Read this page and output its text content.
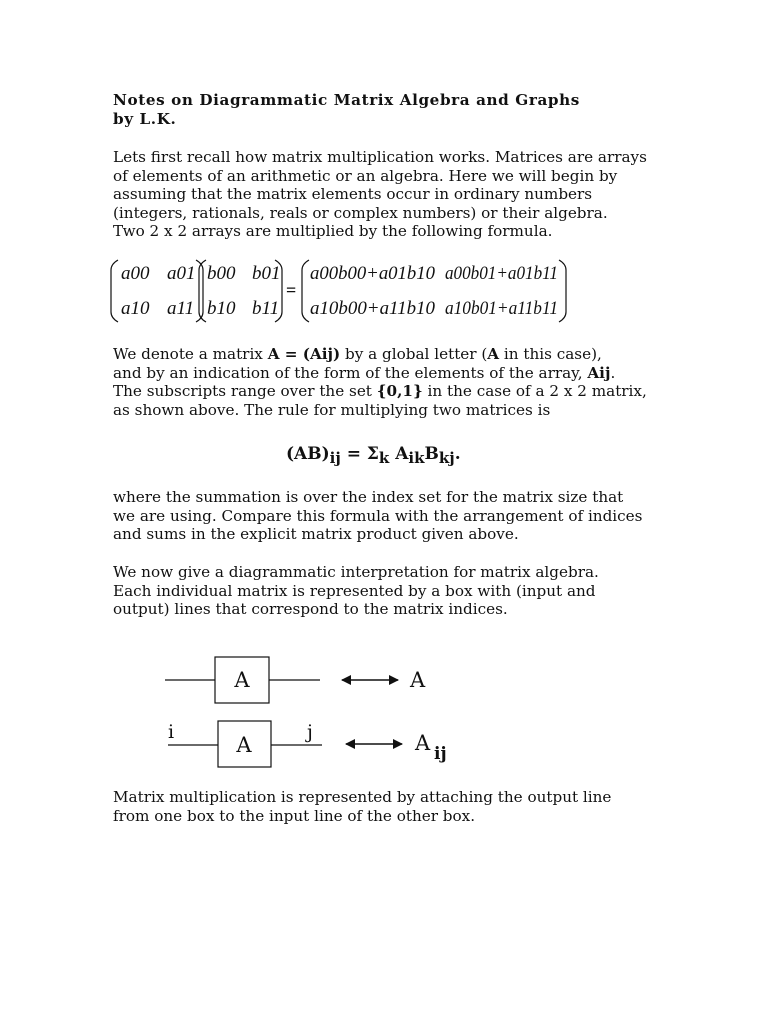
Notes on Diagrammatic Matrix Algebra and Graphs
by L.K.
Lets first recall how matrix multiplication works. Matrices are arrays
of elements of an arithmetic or an algebra. Here we will begin by
assuming that the matrix elements occur in ordinary numbers
(integers, rationals, reals or complex numbers) or their algebra.
Two 2 x 2 arrays are multiplied by the following formula.
a00 a01
a10 a11
b00 b01
b10 b11
=
a00b00+a01b10 a00b01+a01b11
a10b00+a11b10 a10b01+a11b11
We denote a matrix A = (Aij) by a global letter (A in this case),
and by an indication of the form of the elements of the array, Aij.
The subscripts range over the set {0,1} in the case of a 2 x 2 matrix,
as shown above. The rule for multiplying two matrices is
(AB)ij = Σk AikBkj.
where the summation is over the index set for the matrix size that
we are using. Compare this formula with the arrangement of indices
and sums in the explicit matrix product given above.
We now give a diagrammatic interpretation for matrix algebra.
Each individual matrix is represented by a box with (input and
output) lines that correspond to the matrix indices.
A	A
A
i	j	A ij
Matrix multiplication is represented by attaching the output line
from one box to the input line of the other box.
